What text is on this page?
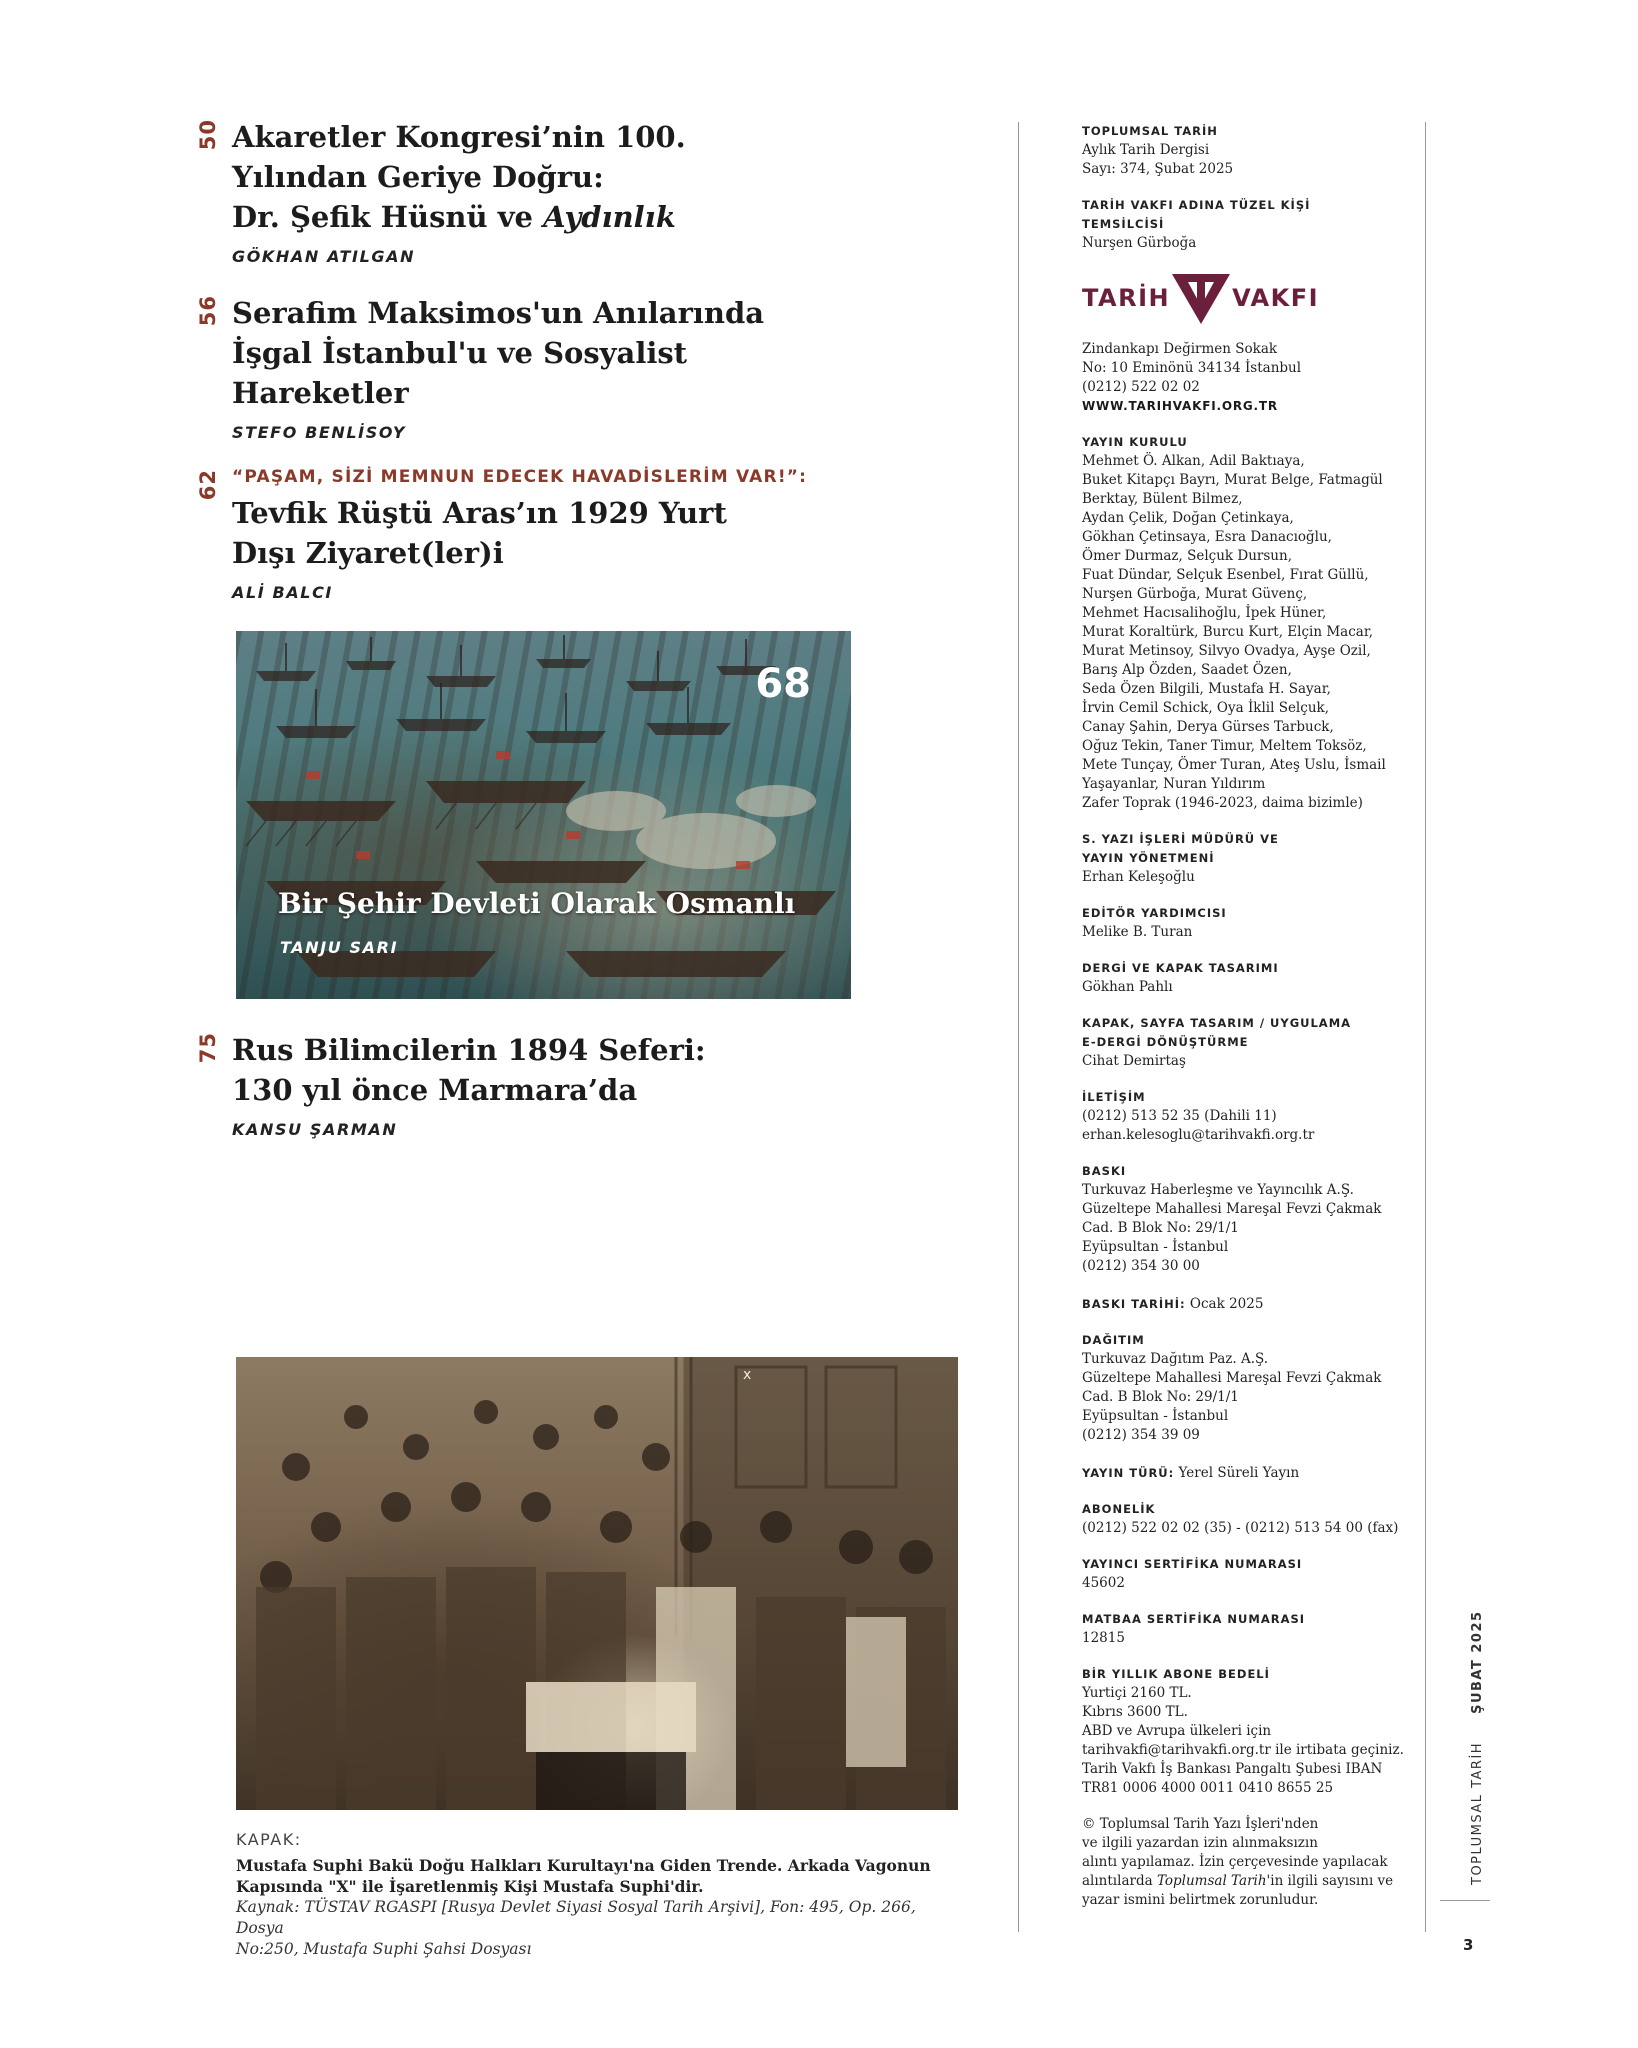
50 Akaretler Kongresi’nin 100.
Yılından Geriye Doğru:
Dr. Şefik Hüsnü ve Aydınlık
GÖKHAN ATILGAN
56 Serafim Maksimos'un Anılarında
İşgal İstanbul'u ve Sosyalist
Hareketler
STEFO BENLİSOY
62 “PAŞAM, SİZİ MEMNUN EDECEK HAVADİSLERİM VAR!”:
Tevfik Rüştü Aras’ın 1929 Yurt
Dışı Ziyaret(ler)i
ALİ BALCI
68
Bir Şehir Devleti Olarak Osmanlı
TANJU SARI
75 Rus Bilimcilerin 1894 Seferi:
130 yıl önce Marmara’da
KANSU ŞARMAN
x
KAPAK:
Mustafa Suphi Bakü Doğu Halkları Kurultayı'na Giden Trende. Arkada Vagonun
Kapısında "X" ile İşaretlenmiş Kişi Mustafa Suphi'dir.
Kaynak: TÜSTAV RGASPI [Rusya Devlet Siyasi Sosyal Tarih Arşivi], Fon: 495, Op. 266, Dosya
No:250, Mustafa Suphi Şahsi Dosyası
TOPLUMSAL TARİH
Aylık Tarih Dergisi
Sayı: 374, Şubat 2025
TARİH VAKFI ADINA TÜZEL KİŞİ
TEMSİLCİSİ
Nurşen Gürboğa
TARİH	VAKFI
Zindankapı Değirmen Sokak
No: 10 Eminönü 34134 İstanbul
(0212) 522 02 02
WWW.TARIHVAKFI.ORG.TR
YAYIN KURULU
Mehmet Ö. Alkan, Adil Baktıaya,
Buket Kitapçı Bayrı, Murat Belge, Fatmagül
Berktay, Bülent Bilmez,
Aydan Çelik, Doğan Çetinkaya,
Gökhan Çetinsaya, Esra Danacıoğlu,
Ömer Durmaz, Selçuk Dursun,
Fuat Dündar, Selçuk Esenbel, Fırat Güllü,
Nurşen Gürboğa, Murat Güvenç,
Mehmet Hacısalihoğlu, İpek Hüner,
Murat Koraltürk, Burcu Kurt, Elçin Macar,
Murat Metinsoy, Silvyo Ovadya, Ayşe Ozil,
Barış Alp Özden, Saadet Özen,
Seda Özen Bilgili, Mustafa H. Sayar,
İrvin Cemil Schick, Oya İklil Selçuk,
Canay Şahin, Derya Gürses Tarbuck,
Oğuz Tekin, Taner Timur, Meltem Toksöz,
Mete Tunçay, Ömer Turan, Ateş Uslu, İsmail
Yaşayanlar, Nuran Yıldırım
Zafer Toprak (1946-2023, daima bizimle)
S. YAZI İŞLERİ MÜDÜRÜ VE
YAYIN YÖNETMENİ
Erhan Keleşoğlu
EDİTÖR YARDIMCISI
Melike B. Turan
DERGİ VE KAPAK TASARIMI
Gökhan Pahlı
KAPAK, SAYFA TASARIM / UYGULAMA
E-DERGİ DÖNÜŞTÜRME
Cihat Demirtaş
İLETİŞİM
(0212) 513 52 35 (Dahili 11)
erhan.kelesoglu@tarihvakfi.org.tr
BASKI
Turkuvaz Haberleşme ve Yayıncılık A.Ş.
Güzeltepe Mahallesi Mareşal Fevzi Çakmak
Cad. B Blok No: 29/1/1
Eyüpsultan - İstanbul
(0212) 354 30 00
BASKI TARİHİ: Ocak 2025
DAĞITIM
Turkuvaz Dağıtım Paz. A.Ş.
Güzeltepe Mahallesi Mareşal Fevzi Çakmak
Cad. B Blok No: 29/1/1
Eyüpsultan - İstanbul
(0212) 354 39 09
YAYIN TÜRÜ: Yerel Süreli Yayın
ABONELİK
(0212) 522 02 02 (35) - (0212) 513 54 00 (fax)
YAYINCI SERTİFİKA NUMARASI
45602
MATBAA SERTİFİKA NUMARASI
12815
BİR YILLIK ABONE BEDELİ
Yurtiçi 2160 TL.
Kıbrıs 3600 TL.
ABD ve Avrupa ülkeleri için
tarihvakfi@tarihvakfi.org.tr ile irtibata geçiniz.
Tarih Vakfı İş Bankası Pangaltı Şubesi IBAN
TR81 0006 4000 0011 0410 8655 25
© Toplumsal Tarih Yazı İşleri'nden
ve ilgili yazardan izin alınmaksızın
alıntı yapılamaz. İzin çerçevesinde yapılacak
alıntılarda Toplumsal Tarih'in ilgili sayısını ve
yazar ismini belirtmek zorunludur.
TOPLUMSAL TARİHŞUBAT 2025
3
